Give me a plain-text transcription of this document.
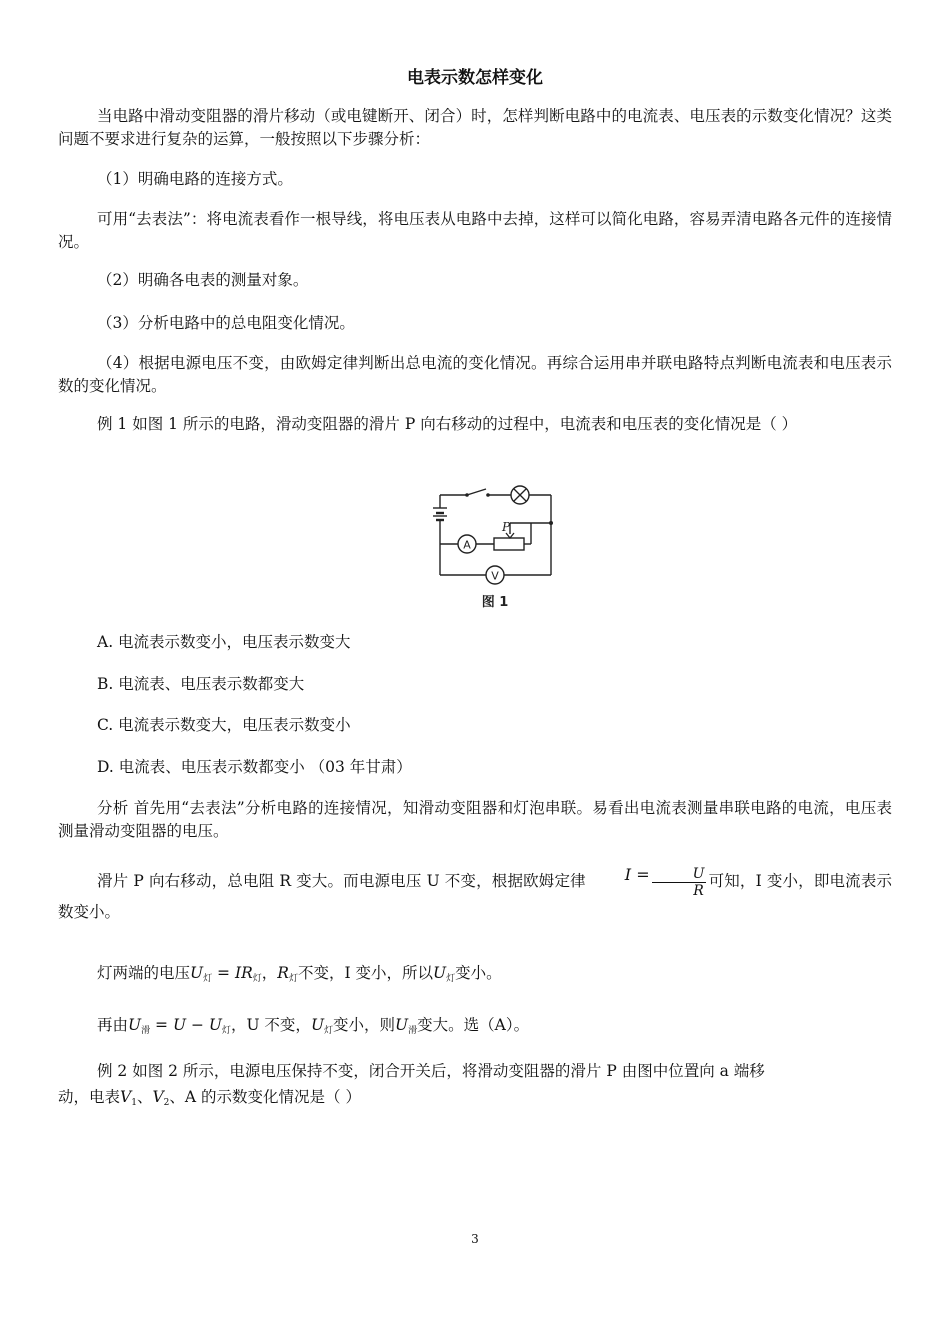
电表示数怎样变化
当电路中滑动变阻器的滑片移动（或电键断开、闭合）时，怎样判断电路中的电流表、电压表的示数变化情况？这类问题不要求进行复杂的运算，一般按照以下步骤分析：
（1）明确电路的连接方式。
可用“去表法”：将电流表看作一根导线，将电压表从电路中去掉，这样可以简化电路，容易弄清电路各元件的连接情况。
（2）明确各电表的测量对象。
（3）分析电路中的总电阻变化情况。
（4）根据电源电压不变，由欧姆定律判断出总电流的变化情况。再综合运用串并联电路特点判断电流表和电压表示数的变化情况。
例 1 如图 1 所示的电路，滑动变阻器的滑片 P 向右移动的过程中，电流表和电压表的变化情况是（ ）
A
P
V
图 1
A. 电流表示数变小，电压表示数变大
B. 电流表、电压表示数都变大
C. 电流表示数变大，电压表示数变小
D. 电流表、电压表示数都变小 （03 年甘肃）
分析 首先用“去表法”分析电路的连接情况，知滑动变阻器和灯泡串联。易看出电流表测量串联电路的电流，电压表测量滑动变阻器的电压。
滑片 P 向右移动，总电阻 R 变大。而电源电压 U 不变，根据欧姆定律 $I = \frac{U}{R}$ 可知，I 变小，即电流表示数变小。
灯两端的电压$U_灯 = IR_灯$，$R_灯$不变，I 变小，所以$U_灯$变小。
再由$U_滑 = U - U_灯$，U 不变，$U_灯$变小，则$U_滑$变大。选（A）。
例 2 如图 2 所示，电源电压保持不变，闭合开关后，将滑动变阻器的滑片 P 由图中位置向 a 端移
动，电表$V_1$、$V_2$、A 的示数变化情况是（ ）
3
